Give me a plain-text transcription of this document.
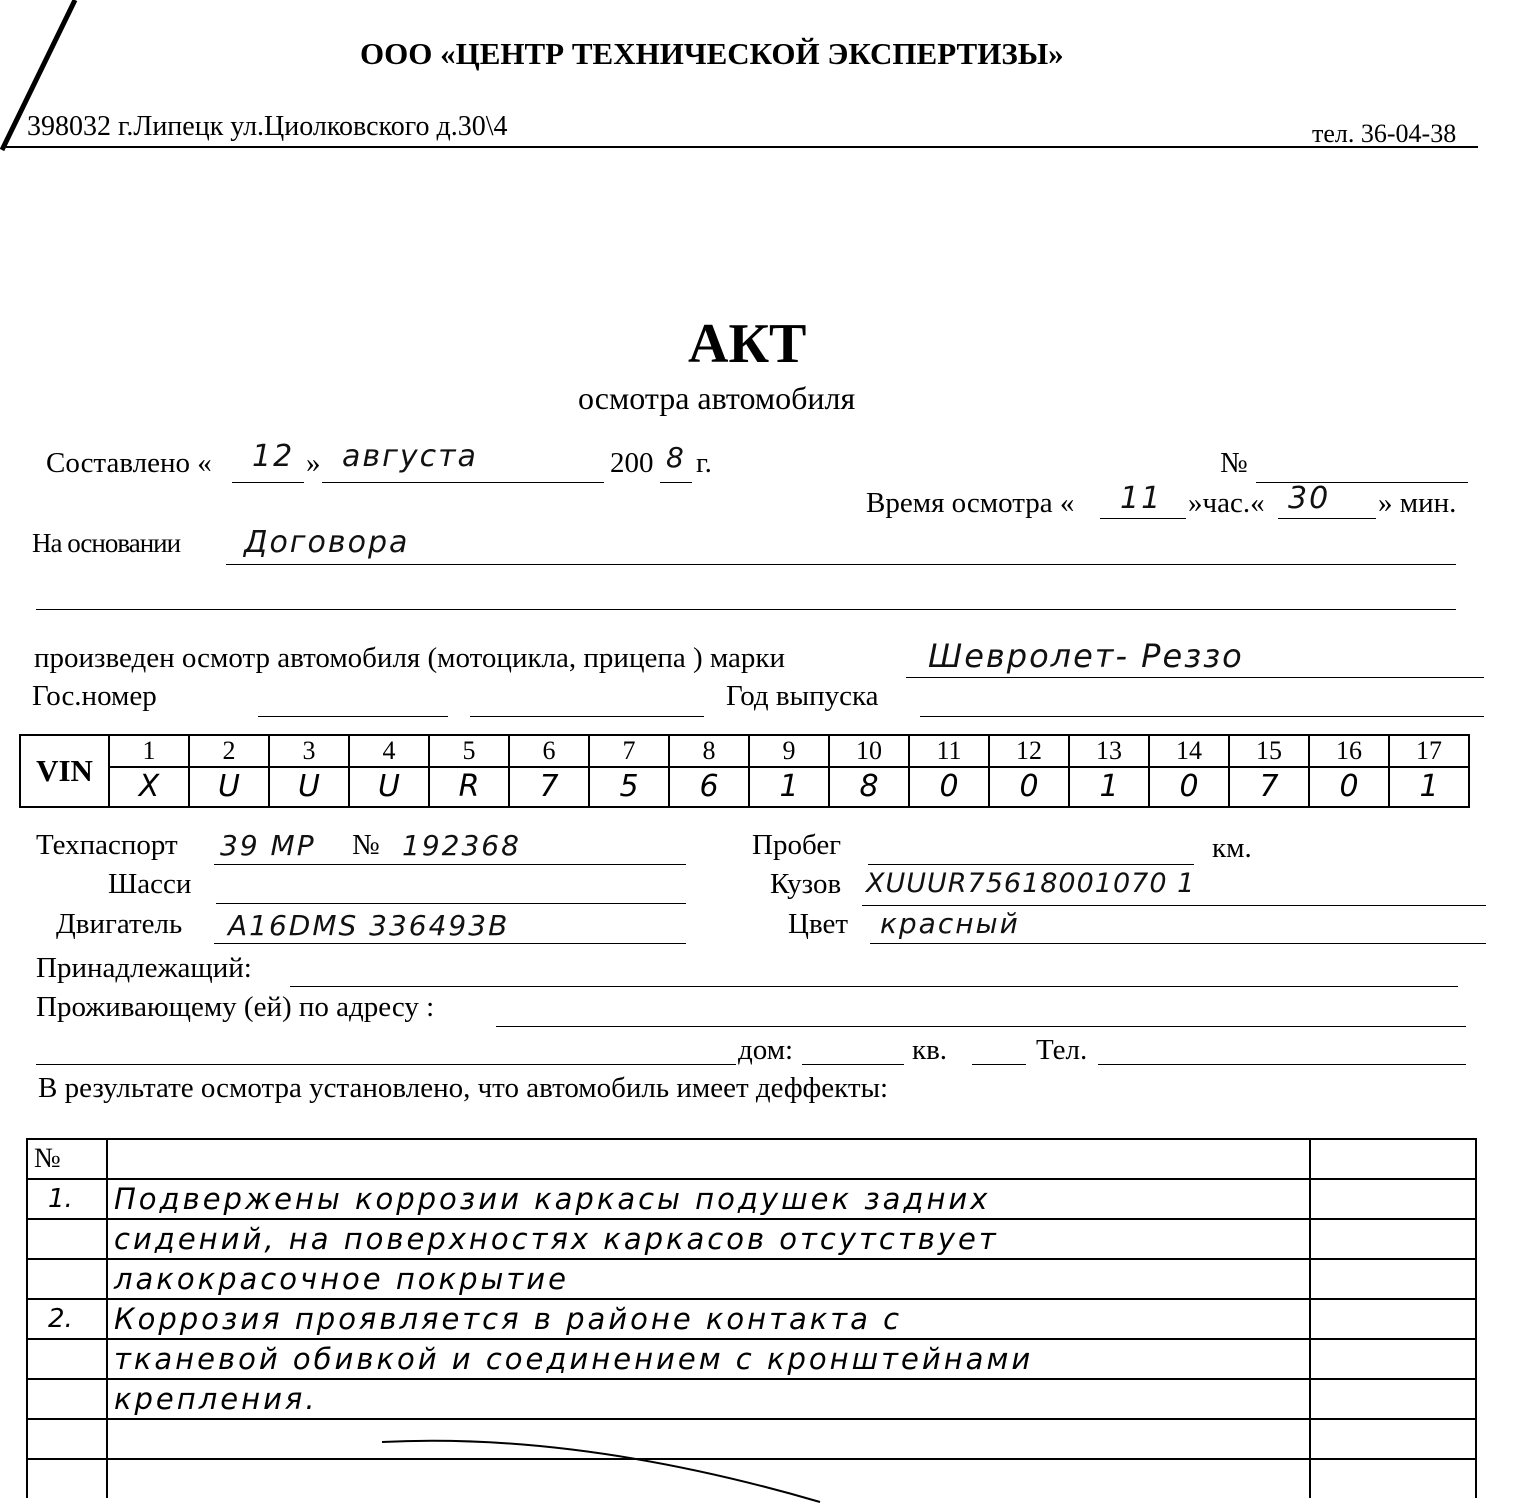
ООО «ЦЕНТР ТЕХНИЧЕСКОЙ ЭКСПЕРТИЗЫ»
398032 г.Липецк ул.Циолковского д.30\4	тел. 36-04-38
АКТ
осмотра автомобиля
Составлено « 12 » августа	200 8 г.	№
Время осмотра « 11 »час.« 30 » мин.
На основании Договора
произведен осмотр автомобиля (мотоцикла, прицепа ) марки	Шевролет- Реззо
Гос.номер	Год выпуска
VIN	1	2	3	4	5	6	7	8	9	10	11	12	13	14	15	16	17
	X	U	U	U	R	7	5	6	1	8	0	0	1	0	7	0	1
Техпаспорт 39 MP № 192368	Пробег	км.
Шасси	Кузов XUUUR75618001070 1
Двигатель A16DMS 336493B	Цвет красный
Принадлежащий:
Проживающему (ей) по адресу :
дом:	кв.	Тел.
В результате осмотра установлено, что автомобиль имеет деффекты:
№		
1.	Подвержены коррозии каркасы подушек задних	
	сидений, на поверхностях каркасов отсутствует	
	лакокрасочное покрытие	
2.	Коррозия проявляется в районе контакта с	
	тканевой обивкой и соединением с кронштейнами	
	крепления.	
